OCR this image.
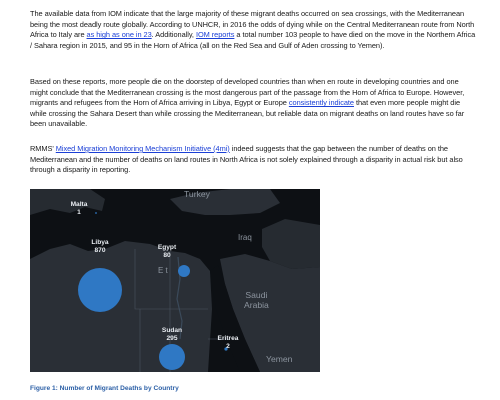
The available data from IOM indicate that the large majority of these migrant deaths occurred on sea crossings, with the Mediterranean being the most deadly route globally. According to UNHCR, in 2016 the odds of dying while on the Central Mediterranean route from North Africa to Italy are as high as one in 23. Additionally, IOM reports a total number 103 people to have died on the move in the Northern Africa / Sahara region in 2015, and 95 in the Horn of Africa (all on the Red Sea and Gulf of Aden crossing to Yemen).

Based on these reports, more people die on the doorstep of developed countries than when en route in developing countries and one might conclude that the Mediterranean crossing is the most dangerous part of the passage from the Horn of Africa to Europe. However, migrants and refugees from the Horn of Africa arriving in Libya, Egypt or Europe consistently indicate that even more people might die while crossing the Sahara Desert than while crossing the Mediterranean, but reliable data on migrant deaths on land routes have so far been unavailable.

RMMS' Mixed Migration Monitoring Mechanism Initiative (4mi) indeed suggests that the gap between the number of deaths on the Mediterranean and the number of deaths on land routes in North Africa is not solely explained through a disparity in actual risk but also through a disparity in reporting.

Turkey
Iraq
Saudi
Arabia
Yemen
Malta
1
Libya
870	Egypt
80
E t
Sudan
295	Eritrea
2
Figure 1: Number of Migrant Deaths by Country
